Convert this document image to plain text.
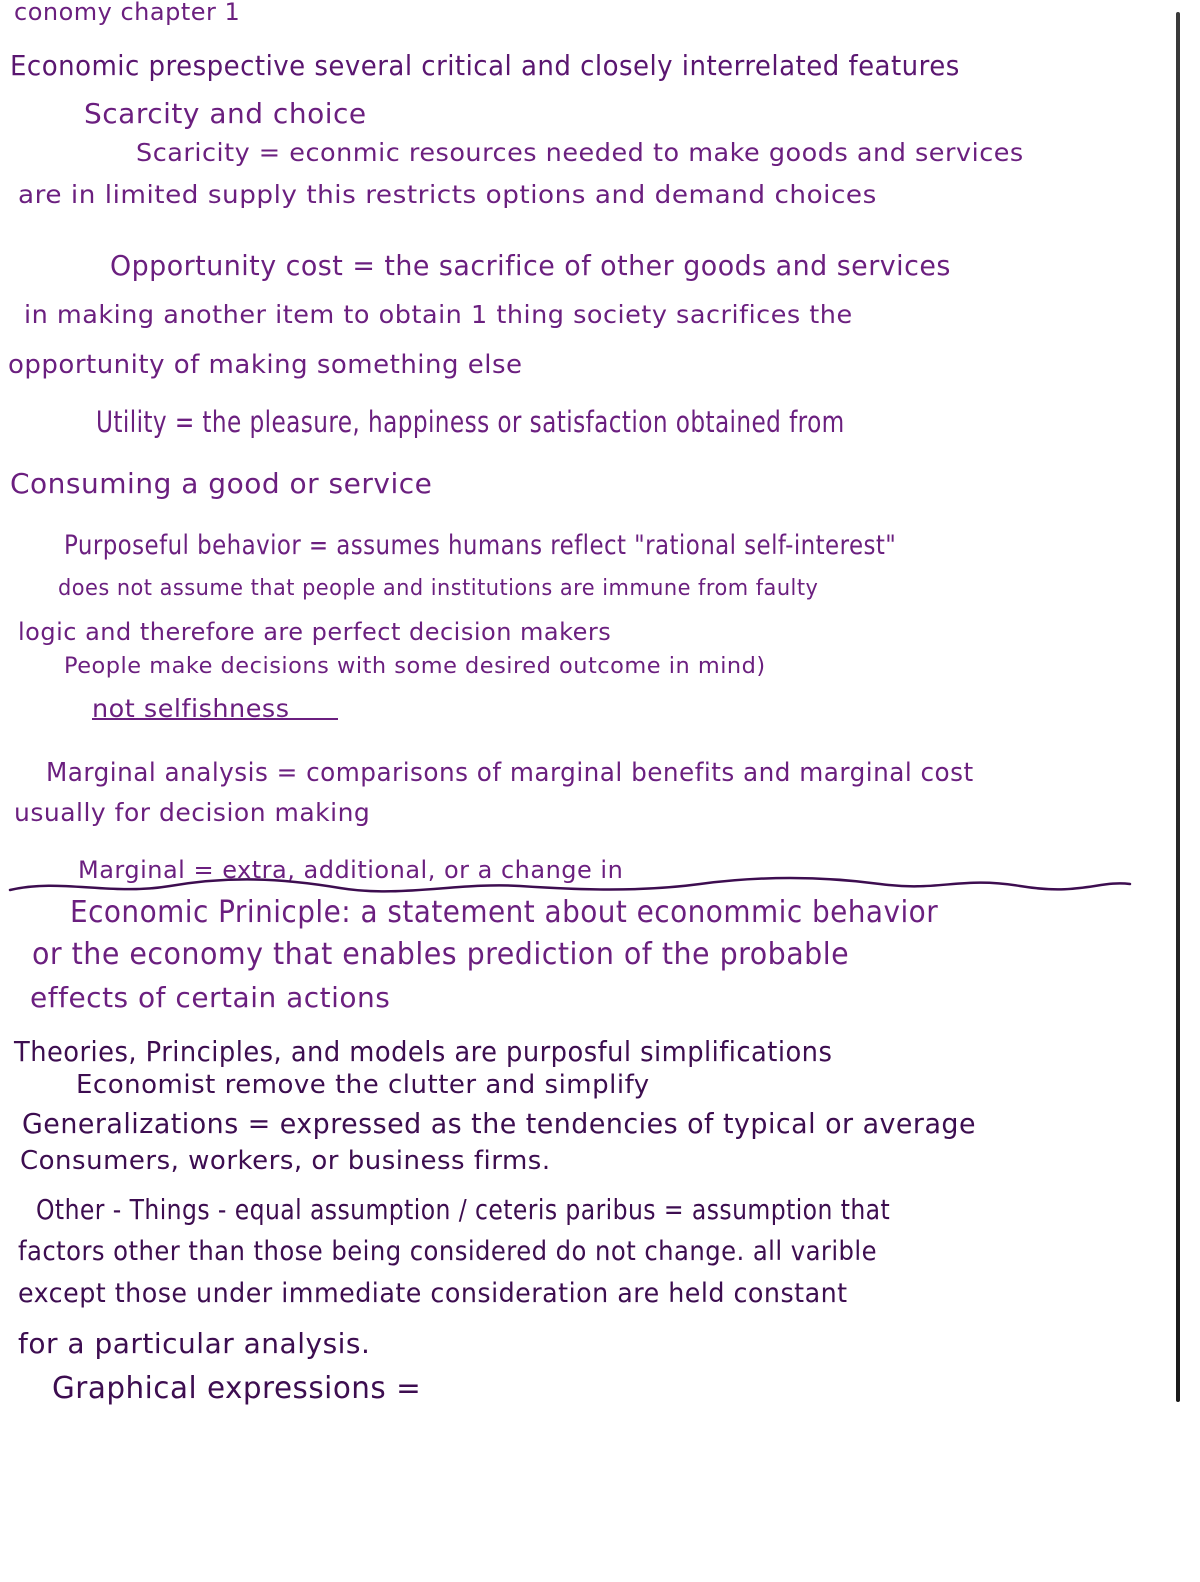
conomy chapter 1
Economic prespective several critical and closely interrelated features
Scarcity and choice
Scaricity = econmic resources needed to make goods and services
are in limited supply this restricts options and demand choices
Opportunity cost = the sacrifice of other goods and services
in making another item to obtain 1 thing society sacrifices the
opportunity of making something else
Utility = the pleasure, happiness or satisfaction obtained from
Consuming a good or service
Purposeful behavior = assumes humans reflect "rational self-interest"
does not assume that people and institutions are immune from faulty
logic and therefore are perfect decision makers
People make decisions with some desired outcome in mind)
not selfishness
Marginal analysis = comparisons of marginal benefits and marginal cost
usually for decision making
Marginal = extra, additional, or a change in
Economic Prinicple: a statement about econommic behavior
or the economy that enables prediction of the probable
effects of certain actions
Theories, Principles, and models are purposful simplifications
Economist remove the clutter and simplify
Generalizations = expressed as the tendencies of typical or average
Consumers, workers, or business firms.
Other - Things - equal assumption / ceteris paribus = assumption that
factors other than those being considered do not change. all varible
except those under immediate consideration are held constant
for a particular analysis.
Graphical expressions =
